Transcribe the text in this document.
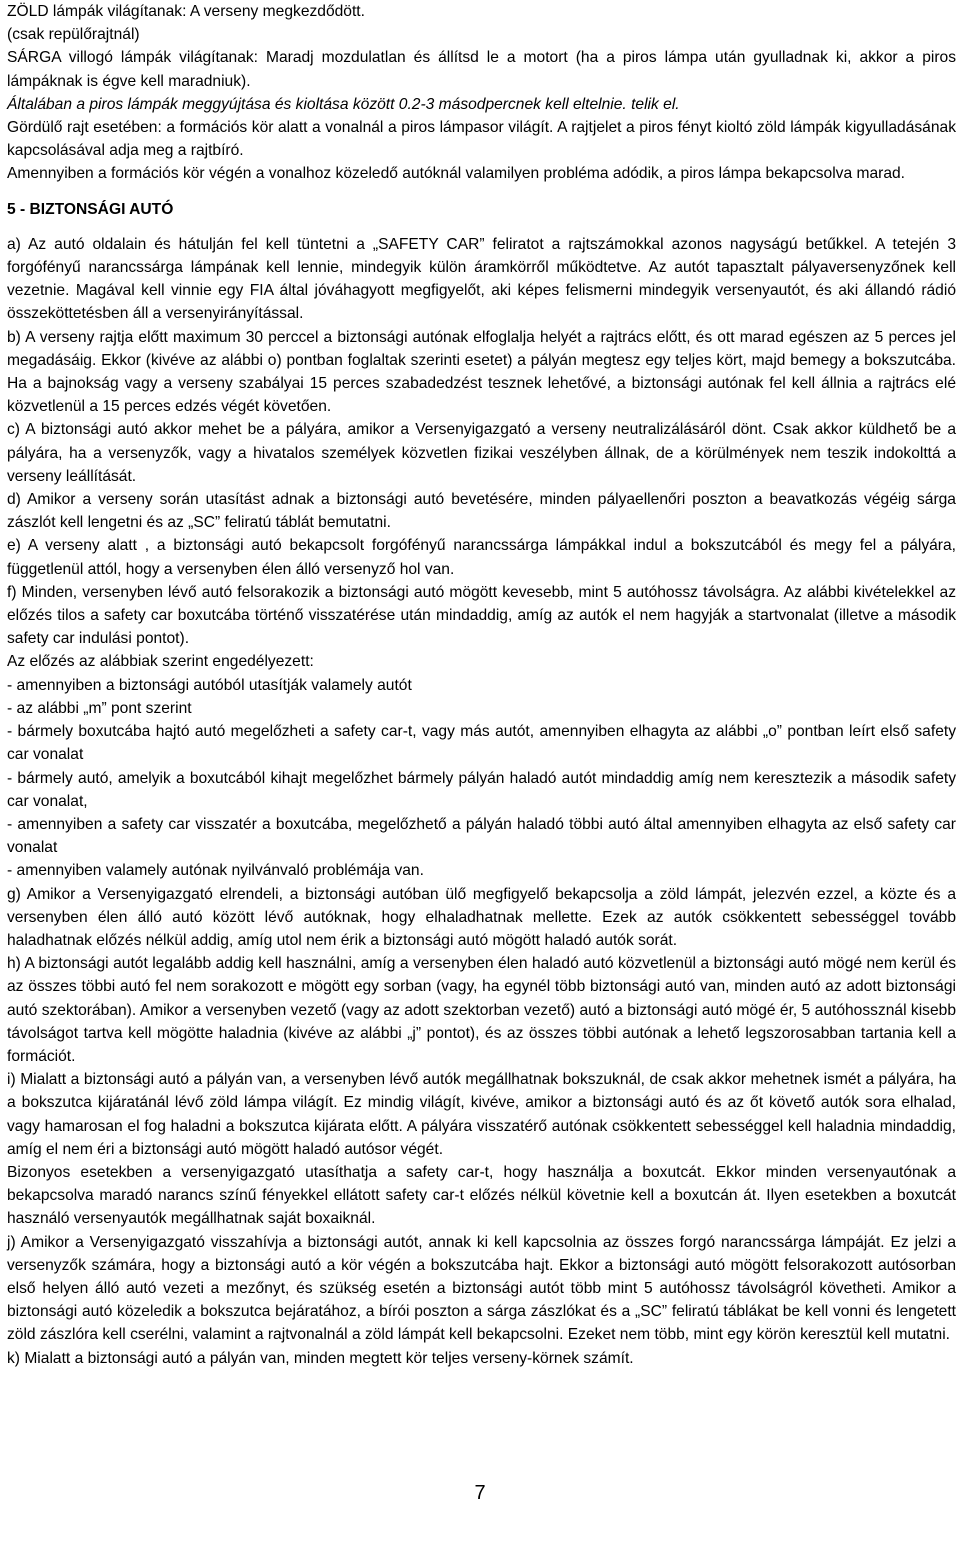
ZÖLD lámpák világítanak: A verseny megkezdődött.
(csak repülőrajtnál)

SÁRGA villogó lámpák világítanak: Maradj mozdulatlan és állítsd le a motort (ha a piros lámpa után gyulladnak ki, akkor a piros lámpáknak is égve kell maradniuk).

Általában a piros lámpák meggyújtása és kioltása között 0.2-3 másodpercnek kell eltelnie. telik el.

Gördülő rajt esetében: a formációs kör alatt a vonalnál a piros lámpasor világít. A rajtjelet a piros fényt kioltó zöld lámpák kigyulladásának kapcsolásával adja meg a rajtbíró.

Amennyiben a formációs kör végén a vonalhoz közeledő autóknál valamilyen probléma adódik, a piros lámpa bekapcsolva marad.

5 - BIZTONSÁGI AUTÓ

a) Az autó oldalain és hátulján fel kell tüntetni a „SAFETY CAR” feliratot a rajtszámokkal azonos nagyságú betűkkel. A tetején 3 forgófényű narancssárga lámpának kell lennie, mindegyik külön áramkörről működtetve. Az autót tapasztalt pályaversenyzőnek kell vezetnie. Magával kell vinnie egy FIA által jóváhagyott megfigyelőt, aki képes felismerni mindegyik versenyautót, és aki állandó rádió összeköttetésben áll a versenyirányítással.

b) A verseny rajtja előtt maximum 30 perccel a biztonsági autónak elfoglalja helyét a rajtrács előtt, és ott marad egészen az 5 perces jel megadásáig. Ekkor (kivéve az alábbi o) pontban foglaltak szerinti esetet) a pályán megtesz egy teljes kört, majd bemegy a bokszutcába. Ha a bajnokság vagy a verseny szabályai 15 perces szabadedzést tesznek lehetővé, a biztonsági autónak fel kell állnia a rajtrács elé közvetlenül a 15 perces edzés végét követően.

c) A biztonsági autó akkor mehet be a pályára, amikor a Versenyigazgató a verseny neutralizálásáról dönt. Csak akkor küldhető be a pályára, ha a versenyzők, vagy a hivatalos személyek közvetlen fizikai veszélyben állnak, de a körülmények nem teszik indokolttá a verseny leállítását.

d) Amikor a verseny során utasítást adnak a biztonsági autó bevetésére, minden pályaellenőri poszton a beavatkozás végéig sárga zászlót kell lengetni és az „SC” feliratú táblát bemutatni.

e) A verseny alatt , a biztonsági autó bekapcsolt forgófényű narancssárga lámpákkal indul a bokszutcából és megy fel a pályára, függetlenül attól, hogy a versenyben élen álló versenyző hol van.

f) Minden, versenyben lévő autó felsorakozik a biztonsági autó mögött kevesebb, mint 5 autóhossz távolságra. Az alábbi kivételekkel az előzés tilos a safety car boxutcába történő visszatérése után mindaddig, amíg az autók el nem hagyják a startvonalat (illetve a második safety car indulási pontot).

Az előzés az alábbiak szerint engedélyezett:

- amennyiben a biztonsági autóból utasítják valamely autót

- az alábbi „m” pont szerint

- bármely boxutcába hajtó autó megelőzheti a safety car-t, vagy más autót, amennyiben elhagyta az alábbi „o” pontban leírt első safety car vonalat

- bármely autó, amelyik a boxutcából kihajt megelőzhet bármely pályán haladó autót mindaddig amíg nem keresztezik a második safety car vonalat,

- amennyiben a safety car visszatér a boxutcába, megelőzhető a pályán haladó többi autó által amennyiben elhagyta az első safety car vonalat

- amennyiben valamely autónak nyilvánvaló problémája van.

g) Amikor a Versenyigazgató elrendeli, a biztonsági autóban ülő megfigyelő bekapcsolja a zöld lámpát, jelezvén ezzel, a közte és a versenyben élen álló autó között lévő autóknak, hogy elhaladhatnak mellette. Ezek az autók csökkentett sebességgel tovább haladhatnak előzés nélkül addig, amíg utol nem érik a biztonsági autó mögött haladó autók sorát.

h) A biztonsági autót legalább addig kell használni, amíg a versenyben élen haladó autó közvetlenül a biztonsági autó mögé nem kerül és az összes többi autó fel nem sorakozott e mögött egy sorban (vagy, ha egynél több biztonsági autó van, minden autó az adott biztonsági autó szektorában). Amikor a versenyben vezető (vagy az adott szektorban vezető) autó a biztonsági autó mögé ér, 5 autóhossznál kisebb távolságot tartva kell mögötte haladnia (kivéve az alábbi „j” pontot), és az összes többi autónak a lehető legszorosabban tartania kell a formációt.

i) Mialatt a biztonsági autó a pályán van, a versenyben lévő autók megállhatnak bokszuknál, de csak akkor mehetnek ismét a pályára, ha a bokszutca kijáratánál lévő zöld lámpa világít. Ez mindig világít, kivéve, amikor a biztonsági autó és az őt követő autók sora elhalad, vagy hamarosan el fog haladni a bokszutca kijárata előtt. A pályára visszatérő autónak csökkentett sebességgel kell haladnia mindaddig, amíg el nem éri a biztonsági autó mögött haladó autósor végét.

Bizonyos esetekben a versenyigazgató utasíthatja a safety car-t, hogy használja a boxutcát. Ekkor minden versenyautónak a bekapcsolva maradó narancs színű fényekkel ellátott safety car-t előzés nélkül követnie kell a boxutcán át. Ilyen esetekben a boxutcát használó versenyautók megállhatnak saját boxaiknál.

j) Amikor a Versenyigazgató visszahívja a biztonsági autót, annak ki kell kapcsolnia az összes forgó narancssárga lámpáját. Ez jelzi a versenyzők számára, hogy a biztonsági autó a kör végén a bokszutcába hajt. Ekkor a biztonsági autó mögött felsorakozott autósorban első helyen álló autó vezeti a mezőnyt, és szükség esetén a biztonsági autót több mint 5 autóhossz távolságról követheti. Amikor a biztonsági autó közeledik a bokszutca bejáratához, a bírói poszton a sárga zászlókat és a „SC” feliratú táblákat be kell vonni és lengetett zöld zászlóra kell cserélni, valamint a rajtvonalnál a zöld lámpát kell bekapcsolni. Ezeket nem több, mint egy körön keresztül kell mutatni.

k) Mialatt a biztonsági autó a pályán van, minden megtett kör teljes verseny-körnek számít.

7
